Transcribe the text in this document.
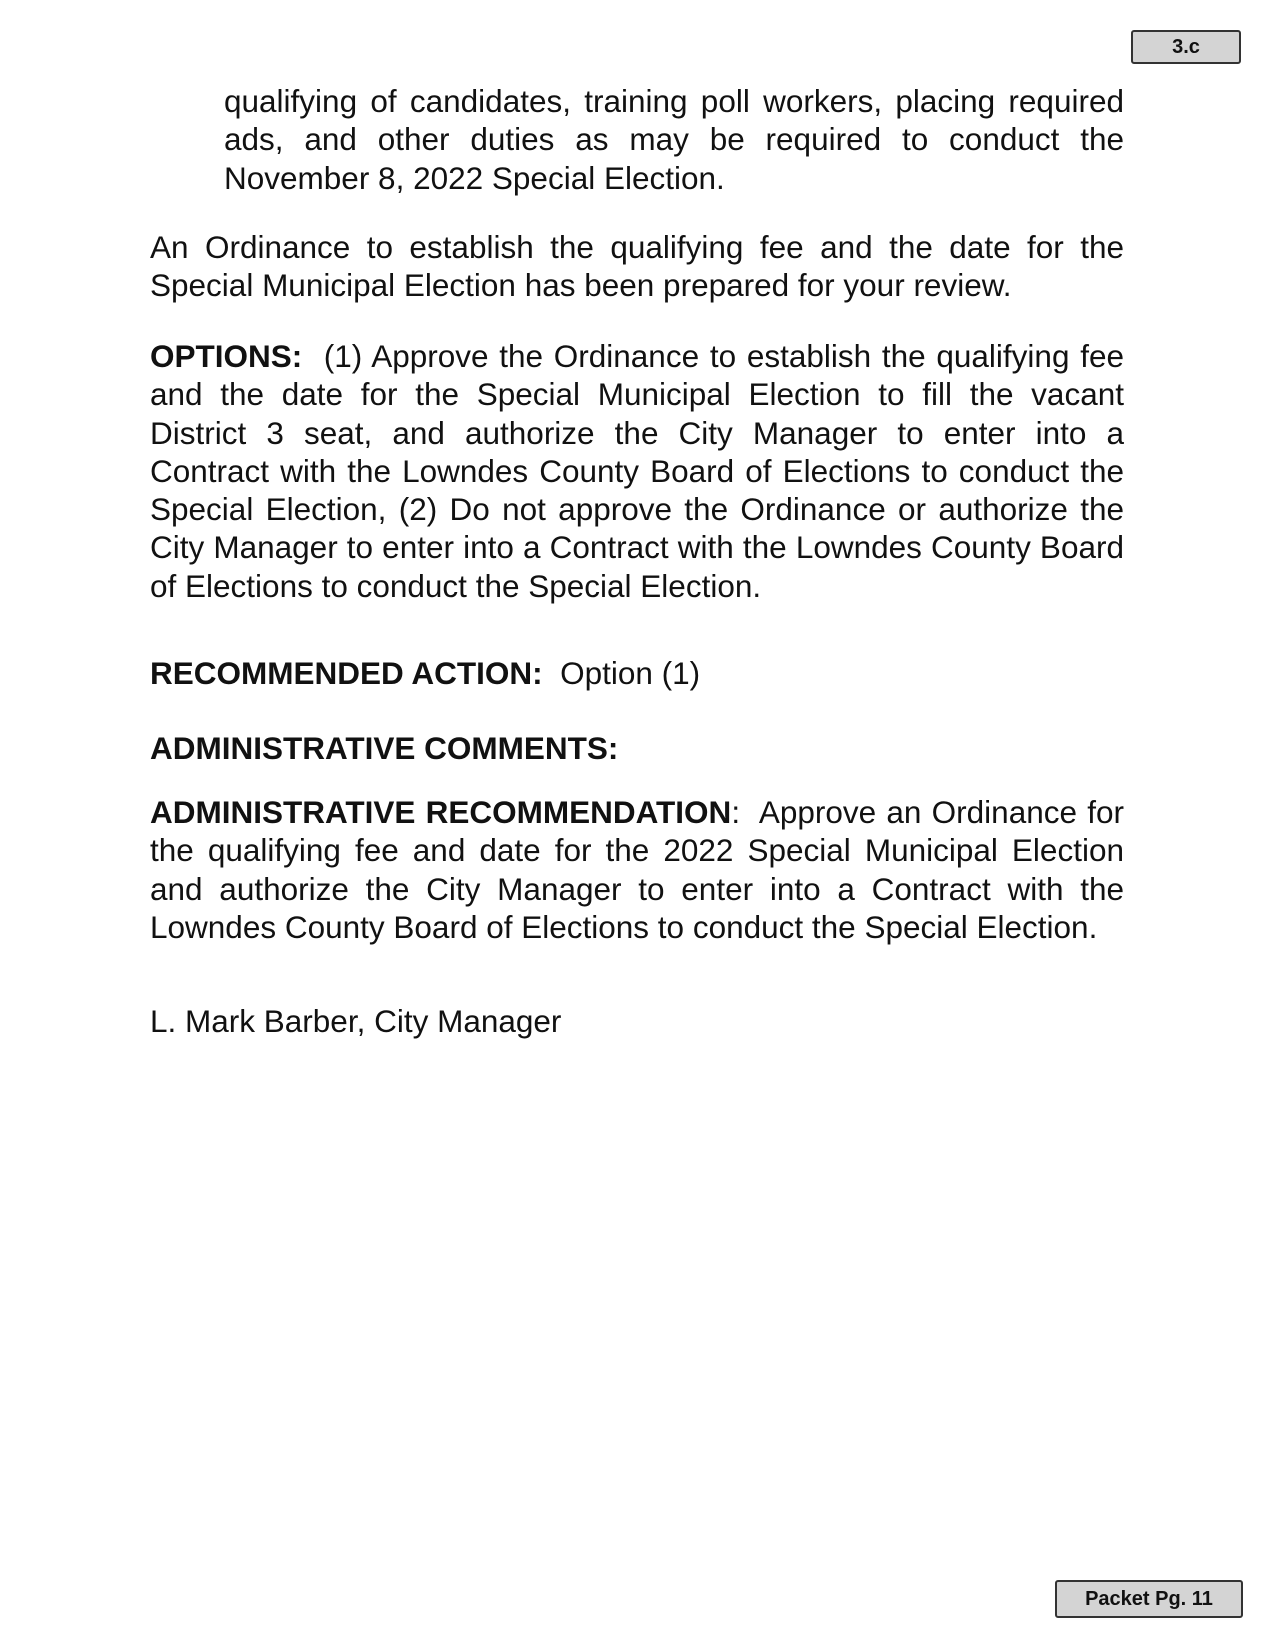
3.c

qualifying of candidates, training poll workers, placing required ads, and other duties as may be required to conduct the November 8, 2022 Special Election.

An Ordinance to establish the qualifying fee and the date for the Special Municipal Election has been prepared for your review.

OPTIONS: (1) Approve the Ordinance to establish the qualifying fee and the date for the Special Municipal Election to fill the vacant District 3 seat, and authorize the City Manager to enter into a Contract with the Lowndes County Board of Elections to conduct the Special Election, (2) Do not approve the Ordinance or authorize the City Manager to enter into a Contract with the Lowndes County Board of Elections to conduct the Special Election.

RECOMMENDED ACTION: Option (1)

ADMINISTRATIVE COMMENTS:

ADMINISTRATIVE RECOMMENDATION: Approve an Ordinance for the qualifying fee and date for the 2022 Special Municipal Election and authorize the City Manager to enter into a Contract with the Lowndes County Board of Elections to conduct the Special Election.

L. Mark Barber, City Manager

Packet Pg. 11
